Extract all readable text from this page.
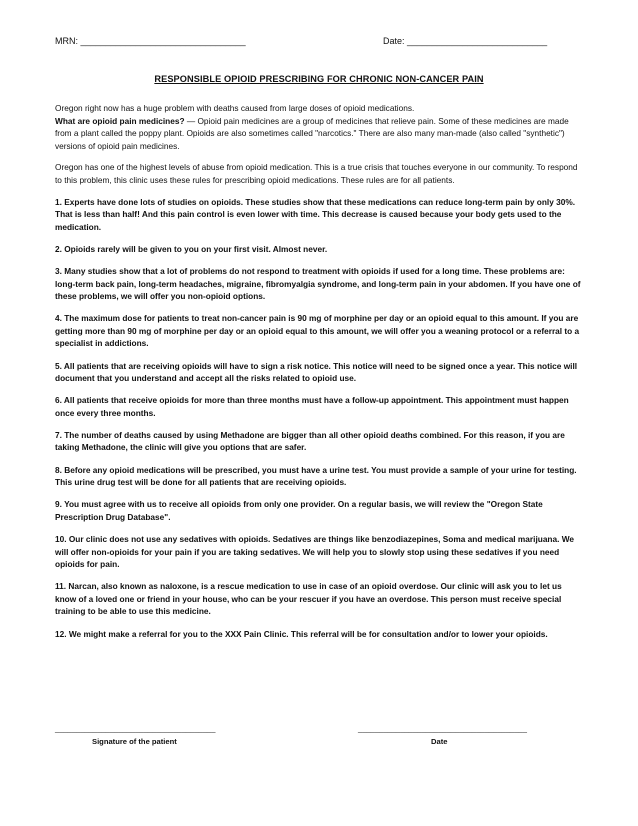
MRN: _________________________________	Date: ____________________________
RESPONSIBLE OPIOID PRESCRIBING FOR CHRONIC NON-CANCER PAIN

Oregon right now has a huge problem with deaths caused from large doses of opioid medications.
What are opioid pain medicines? — Opioid pain medicines are a group of medicines that relieve pain. Some of these medicines are made from a plant called the poppy plant. Opioids are also sometimes called "narcotics." There are also many man-made (also called "synthetic") versions of opioid pain medicines.

Oregon has one of the highest levels of abuse from opioid medication. This is a true crisis that touches everyone in our community. To respond to this problem, this clinic uses these rules for prescribing opioid medications. These rules are for all patients.

1. Experts have done lots of studies on opioids. These studies show that these medications can reduce long-term pain by only 30%. That is less than half! And this pain control is even lower with time. This decrease is caused because your body gets used to the medication.

2. Opioids rarely will be given to you on your first visit. Almost never.

3. Many studies show that a lot of problems do not respond to treatment with opioids if used for a long time. These problems are: long-term back pain, long-term headaches, migraine, fibromyalgia syndrome, and long-term pain in your abdomen. If you have one of these problems, we will offer you non-opioid options.

4. The maximum dose for patients to treat non-cancer pain is 90 mg of morphine per day or an opioid equal to this amount. If you are getting more than 90 mg of morphine per day or an opioid equal to this amount, we will offer you a weaning protocol or a referral to a specialist in addictions.

5. All patients that are receiving opioids will have to sign a risk notice. This notice will need to be signed once a year. This notice will document that you understand and accept all the risks related to opioid use.

6. All patients that receive opioids for more than three months must have a follow-up appointment. This appointment must happen once every three months.

7. The number of deaths caused by using Methadone are bigger than all other opioid deaths combined. For this reason, if you are taking Methadone, the clinic will give you options that are safer.

8. Before any opioid medications will be prescribed, you must have a urine test. You must provide a sample of your urine for testing. This urine drug test will be done for all patients that are receiving opioids.

9. You must agree with us to receive all opioids from only one provider. On a regular basis, we will review the "Oregon State Prescription Drug Database".

10. Our clinic does not use any sedatives with opioids. Sedatives are things like benzodiazepines, Soma and medical marijuana. We will offer non-opioids for your pain if you are taking sedatives. We will help you to slowly stop using these sedatives if you need opioids for pain.

11. Narcan, also known as naloxone, is a rescue medication to use in case of an opioid overdose. Our clinic will ask you to let us know of a loved one or friend in your house, who can be your rescuer if you have an overdose. This person must receive special training to be able to use this medicine.

12. We might make a referral for you to the XXX Pain Clinic. This referral will be for consultation and/or to lower your opioids.

______________________________________	________________________________________
Signature of the patient	Date
